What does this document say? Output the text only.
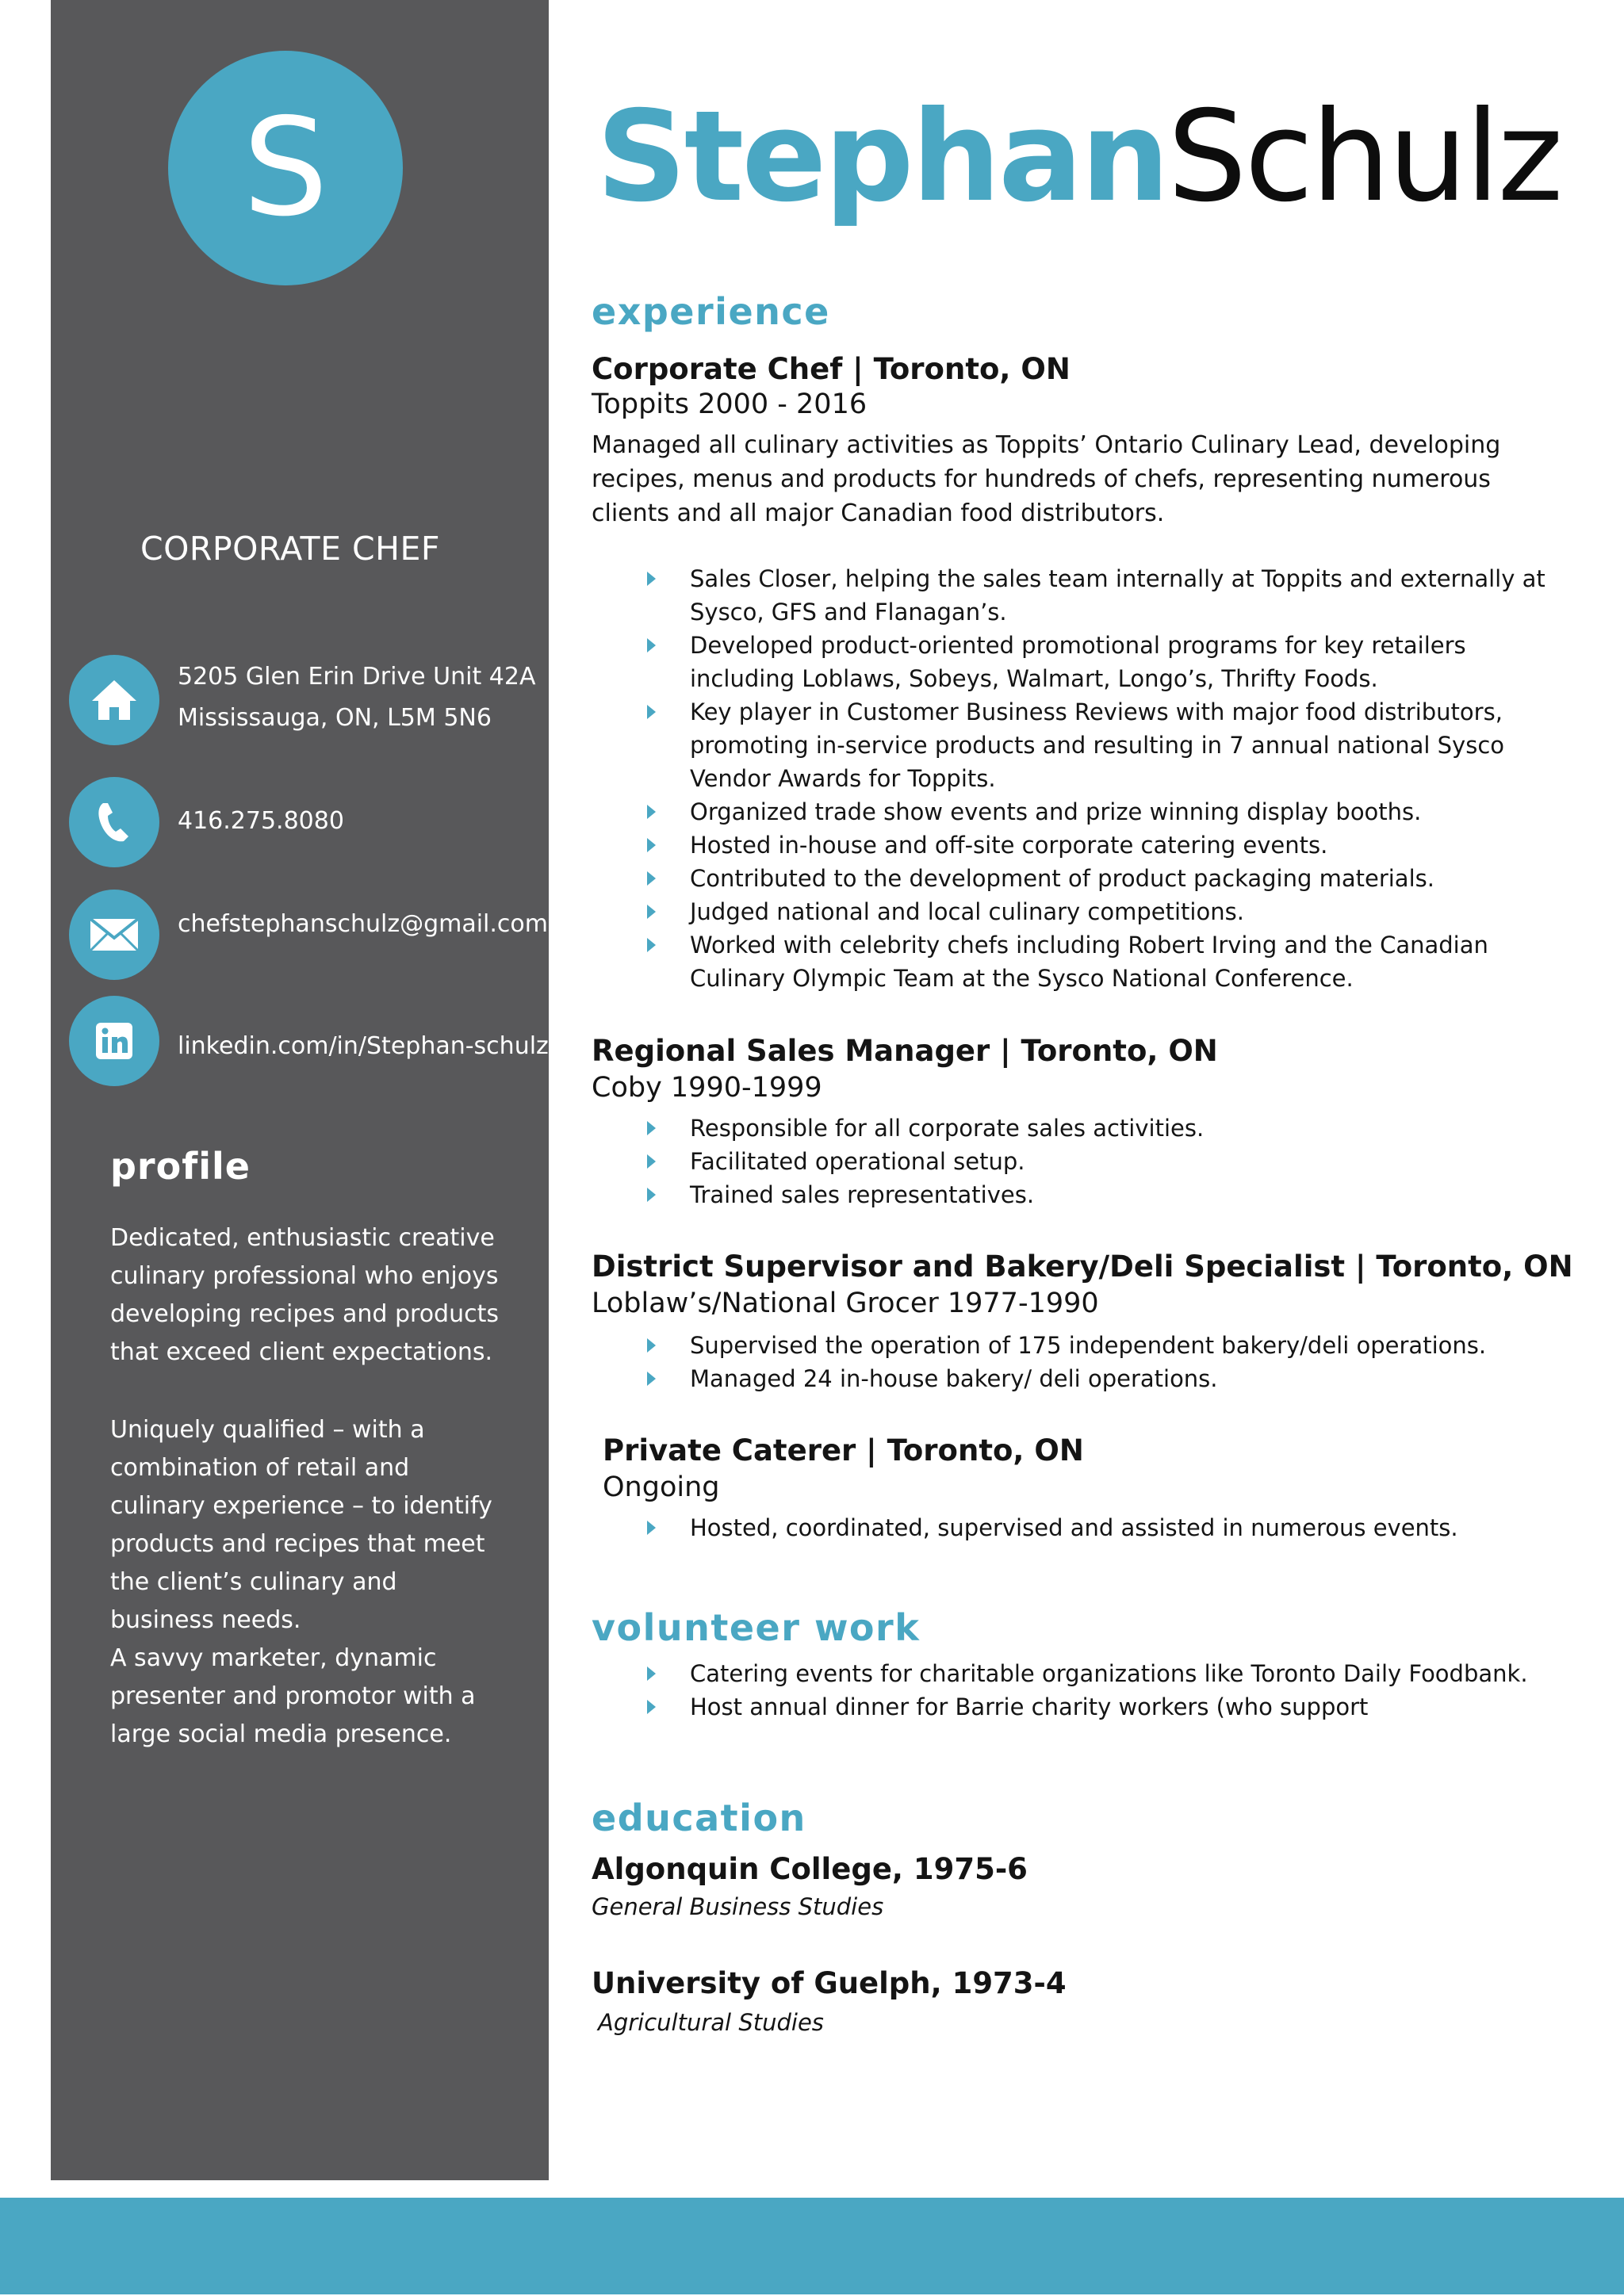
S
CORPORATE CHEF
5205 Glen Erin Drive Unit 42A
Mississauga, ON, L5M 5N6
416.275.8080
chefstephanschulz@gmail.com
linkedin.com/in/Stephan-schulz
profile
Dedicated, enthusiastic creative culinary professional who enjoys developing recipes and products that exceed client expectations.
Uniquely qualified – with a combination of retail and culinary experience – to identify products and recipes that meet the client’s culinary and business needs.
A savvy marketer, dynamic presenter and promotor with a large social media presence.
StephanSchulz
experience
Corporate Chef | Toronto, ON
Toppits 2000 - 2016
Managed all culinary activities as Toppits’ Ontario Culinary Lead, developing recipes, menus and products for hundreds of chefs, representing numerous clients and all major Canadian food distributors.
Sales Closer, helping the sales team internally at Toppits and externally at Sysco, GFS and Flanagan’s.
Developed product-oriented promotional programs for key retailers including Loblaws, Sobeys, Walmart, Longo’s, Thrifty Foods.
Key player in Customer Business Reviews with major food distributors, promoting in-service products and resulting in 7 annual national Sysco Vendor Awards for Toppits.
Organized trade show events and prize winning display booths.
Hosted in-house and off-site corporate catering events.
Contributed to the development of product packaging materials.
Judged national and local culinary competitions.
Worked with celebrity chefs including Robert Irving and the Canadian Culinary Olympic Team at the Sysco National Conference.
Regional Sales Manager | Toronto, ON
Coby 1990-1999
Responsible for all corporate sales activities.
Facilitated operational setup.
Trained sales representatives.
District Supervisor and Bakery/Deli Specialist | Toronto, ON
Loblaw’s/National Grocer 1977-1990
Supervised the operation of 175 independent bakery/deli operations.
Managed 24 in-house bakery/ deli operations.
Private Caterer | Toronto, ON
Ongoing
Hosted, coordinated, supervised and assisted in numerous events.
volunteer work
Catering events for charitable organizations like Toronto Daily Foodbank.
Host annual dinner for Barrie charity workers (who support
education
Algonquin College, 1975-6
General Business Studies
University of Guelph, 1973-4
Agricultural Studies
